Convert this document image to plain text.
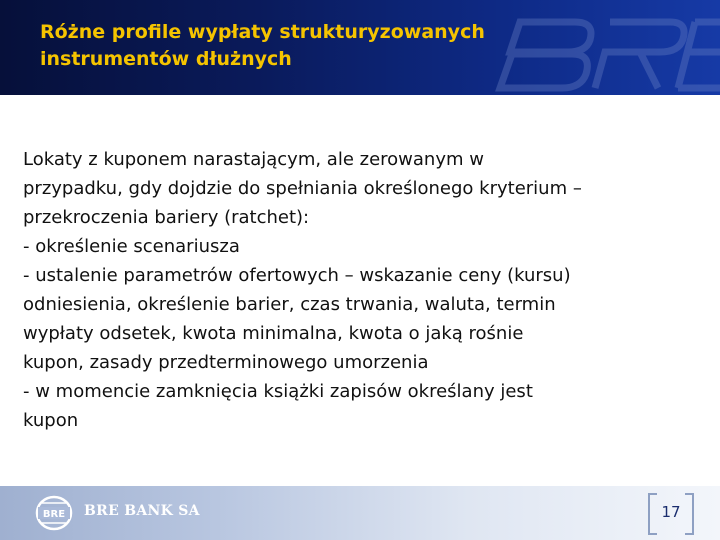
Różne profile wypłaty strukturyzowanych
instrumentów dłużnych
Lokaty z kuponem narastającym, ale zerowanym w
przypadku, gdy dojdzie do spełniania określonego kryterium –
przekroczenia bariery (ratchet):
- określenie scenariusza
- ustalenie parametrów ofertowych – wskazanie ceny (kursu)
odniesienia, określenie barier, czas trwania, waluta, termin
wypłaty odsetek, kwota minimalna, kwota o jaką rośnie
kupon, zasady przedterminowego umorzenia
- w momencie zamknięcia książki zapisów określany jest
kupon
BRE BRE BANK SA	17
